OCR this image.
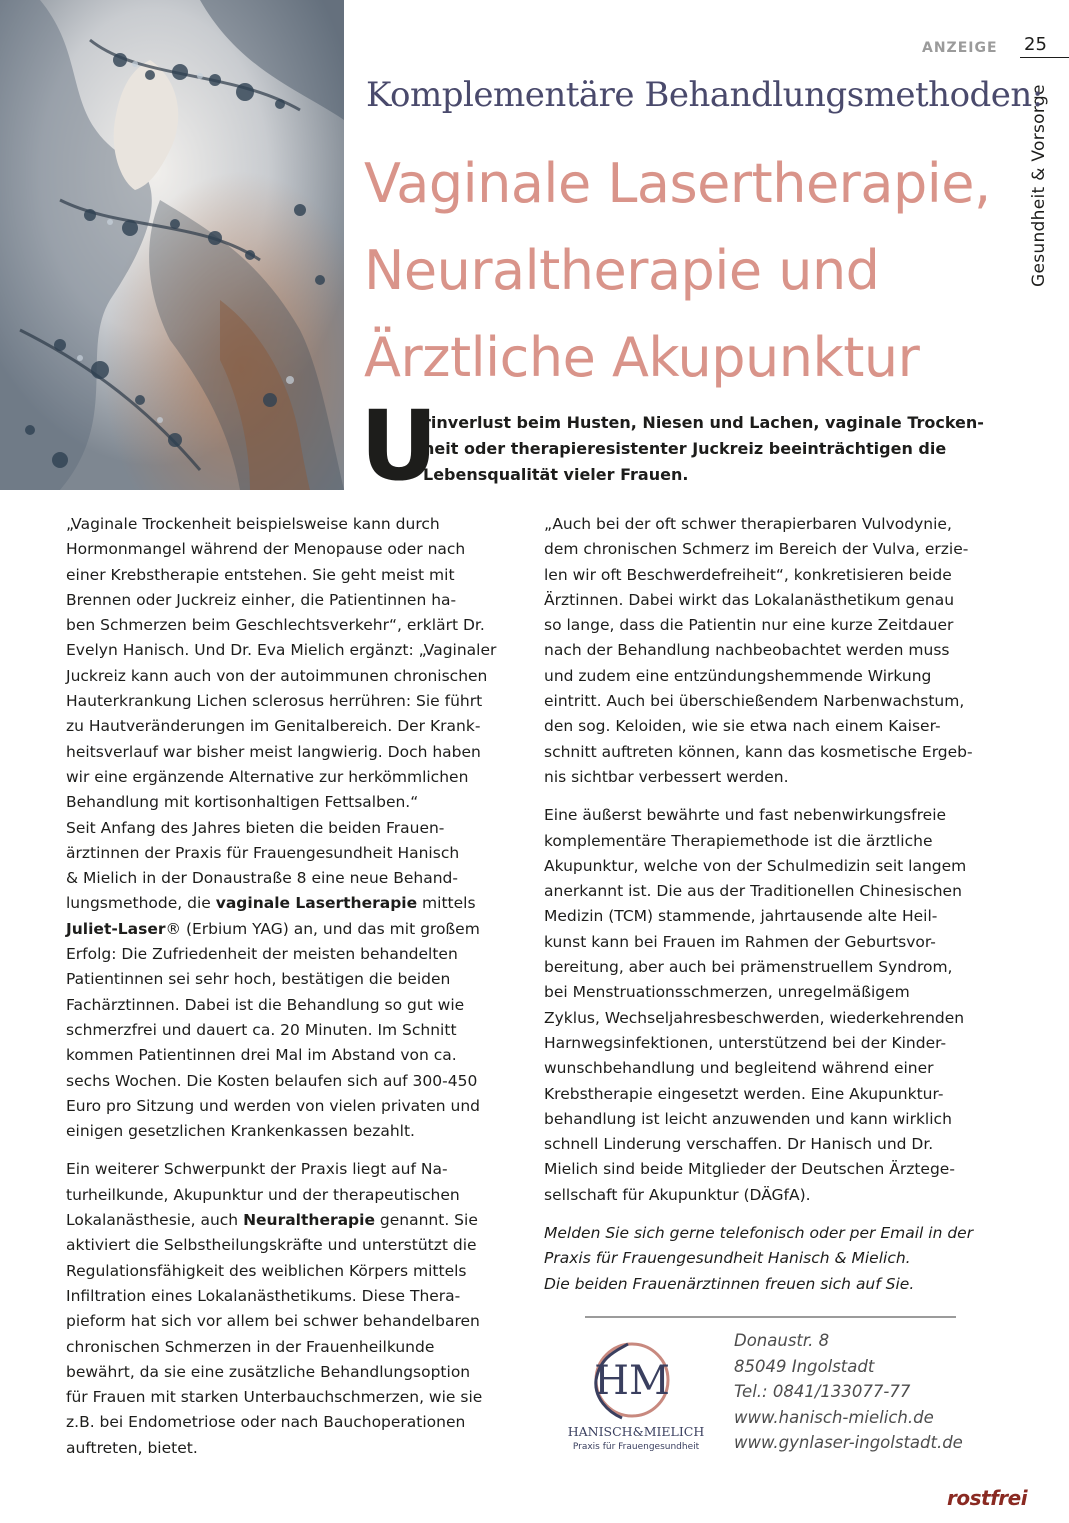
ANZEIGE 25
Gesundheit & Vorsorge
Komplementäre Behandlungsmethoden:
Vaginale Lasertherapie,
Neuraltherapie und
Ärztliche Akupunktur
U
rinverlust beim Husten, Niesen und Lachen, vaginale Trocken-
heit oder therapieresistenter Juckreiz beeinträchtigen die
Lebensqualität vieler Frauen.
„Vaginale Trockenheit beispielsweise kann durch
Hormonmangel während der Menopause oder nach
einer Krebstherapie entstehen. Sie geht meist mit
Brennen oder Juckreiz einher, die Patientinnen ha-
ben Schmerzen beim Geschlechtsverkehr“, erklärt Dr.
Evelyn Hanisch. Und Dr. Eva Mielich ergänzt: „Vaginaler
Juckreiz kann auch von der autoimmunen chronischen
Hauterkrankung Lichen sclerosus herrühren: Sie führt
zu Hautveränderungen im Genitalbereich. Der Krank-
heitsverlauf war bisher meist langwierig. Doch haben
wir eine ergänzende Alternative zur herkömmlichen
Behandlung mit kortisonhaltigen Fettsalben.“
Seit Anfang des Jahres bieten die beiden Frauen-
ärztinnen der Praxis für Frauengesundheit Hanisch
& Mielich in der Donaustraße 8 eine neue Behand-
lungsmethode, die vaginale Lasertherapie mittels
Juliet-Laser® (Erbium YAG) an, und das mit großem
Erfolg: Die Zufriedenheit der meisten behandelten
Patientinnen sei sehr hoch, bestätigen die beiden
Fachärztinnen. Dabei ist die Behandlung so gut wie
schmerzfrei und dauert ca. 20 Minuten. Im Schnitt
kommen Patientinnen drei Mal im Abstand von ca.
sechs Wochen. Die Kosten belaufen sich auf 300-450
Euro pro Sitzung und werden von vielen privaten und
einigen gesetzlichen Krankenkassen bezahlt.
Ein weiterer Schwerpunkt der Praxis liegt auf Na-
turheilkunde, Akupunktur und der therapeutischen
Lokalanästhesie, auch Neuraltherapie genannt. Sie
aktiviert die Selbstheilungskräfte und unterstützt die
Regulationsfähigkeit des weiblichen Körpers mittels
Infiltration eines Lokalanästhetikums. Diese Thera-
pieform hat sich vor allem bei schwer behandelbaren
chronischen Schmerzen in der Frauenheilkunde
bewährt, da sie eine zusätzliche Behandlungsoption
für Frauen mit starken Unterbauchschmerzen, wie sie
z.B. bei Endometriose oder nach Bauchoperationen
auftreten, bietet.
„Auch bei der oft schwer therapierbaren Vulvodynie,
dem chronischen Schmerz im Bereich der Vulva, erzie-
len wir oft Beschwerdefreiheit“, konkretisieren beide
Ärztinnen. Dabei wirkt das Lokalanästhetikum genau
so lange, dass die Patientin nur eine kurze Zeitdauer
nach der Behandlung nachbeobachtet werden muss
und zudem eine entzündungshemmende Wirkung
eintritt. Auch bei überschießendem Narbenwachstum,
den sog. Keloiden, wie sie etwa nach einem Kaiser-
schnitt auftreten können, kann das kosmetische Ergeb-
nis sichtbar verbessert werden.
Eine äußerst bewährte und fast nebenwirkungsfreie
komplementäre Therapiemethode ist die ärztliche
Akupunktur, welche von der Schulmedizin seit langem
anerkannt ist. Die aus der Traditionellen Chinesischen
Medizin (TCM) stammende, jahrtausende alte Heil-
kunst kann bei Frauen im Rahmen der Geburtsvor-
bereitung, aber auch bei prämenstruellem Syndrom,
bei Menstruationsschmerzen, unregelmäßigem
Zyklus, Wechseljahresbeschwerden, wiederkehrenden
Harnwegsinfektionen, unterstützend bei der Kinder-
wunschbehandlung und begleitend während einer
Krebstherapie eingesetzt werden. Eine Akupunktur-
behandlung ist leicht anzuwenden und kann wirklich
schnell Linderung verschaffen. Dr Hanisch und Dr.
Mielich sind beide Mitglieder der Deutschen Ärztege-
sellschaft für Akupunktur (DÄGfA).
Melden Sie sich gerne telefonisch oder per Email in der
Praxis für Frauengesundheit Hanisch & Mielich.
Die beiden Frauenärztinnen freuen sich auf Sie.
HM
HANISCH&MIELICH
Praxis für Frauengesundheit
Donaustr. 8
85049 Ingolstadt
Tel.: 0841/133077-77
www.hanisch-mielich.de
www.gynlaser-ingolstadt.de
rostfrei
